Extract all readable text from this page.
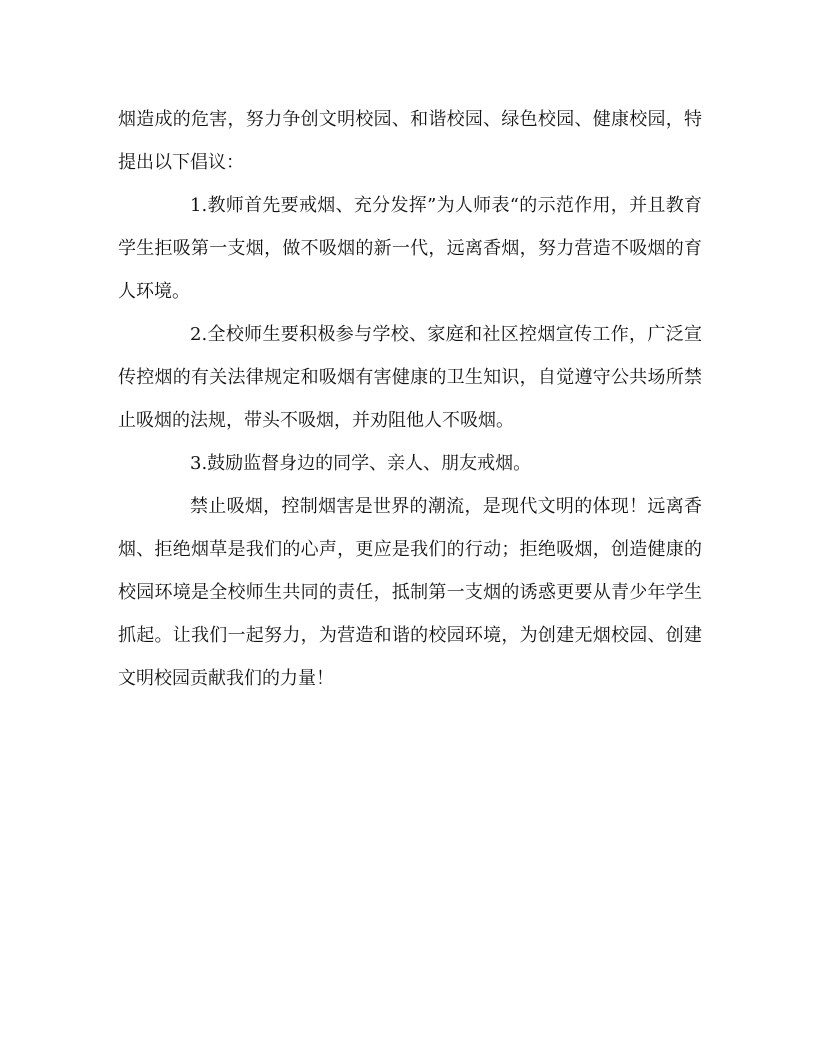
烟造成的危害，努力争创文明校园、和谐校园、绿色校园、健康校园，特提出以下倡议：

1.教师首先要戒烟、充分发挥”为人师表“的示范作用，并且教育学生拒吸第一支烟，做不吸烟的新一代，远离香烟，努力营造不吸烟的育人环境。

2.全校师生要积极参与学校、家庭和社区控烟宣传工作，广泛宣传控烟的有关法律规定和吸烟有害健康的卫生知识，自觉遵守公共场所禁止吸烟的法规，带头不吸烟，并劝阻他人不吸烟。

3.鼓励监督身边的同学、亲人、朋友戒烟。

禁止吸烟，控制烟害是世界的潮流，是现代文明的体现！远离香烟、拒绝烟草是我们的心声，更应是我们的行动；拒绝吸烟，创造健康的校园环境是全校师生共同的责任，抵制第一支烟的诱惑更要从青少年学生抓起。让我们一起努力，为营造和谐的校园环境，为创建无烟校园、创建文明校园贡献我们的力量！
